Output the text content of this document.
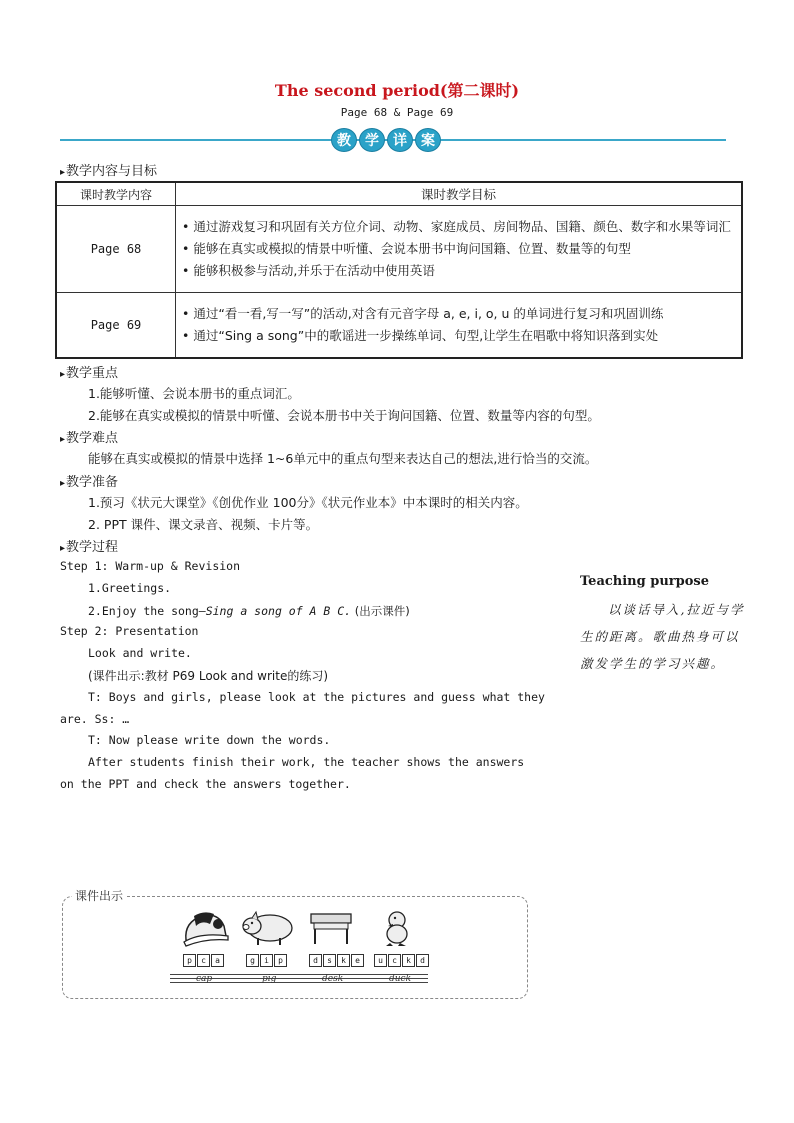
The second period(第二课时)
Page 68 & Page 69
教	学	详	案
▸ 教学内容与目标
课时教学内容	课时教学目标
Page 68	• 通过游戏复习和巩固有关方位介词、动物、家庭成员、房间物品、国籍、颜色、数字和水果等词汇
• 能够在真实或模拟的情景中听懂、会说本册书中询问国籍、位置、数量等的句型
• 能够积极参与活动,并乐于在活动中使用英语

Page 69	• 通过“看一看,写一写”的活动,对含有元音字母 a, e, i, o, u 的单词进行复习和巩固训练
• 通过“Sing a song”中的歌谣进一步操练单词、句型,让学生在唱歌中将知识落到实处
▸ 教学重点
1.能够听懂、会说本册书的重点词汇。
2.能够在真实或模拟的情景中听懂、会说本册书中关于询问国籍、位置、数量等内容的句型。
▸ 教学难点
能够在真实或模拟的情景中选择 1~6单元中的重点句型来表达自己的想法,进行恰当的交流。
▸ 教学准备
1.预习《状元大课堂》《创优作业 100分》《状元作业本》中本课时的相关内容。
2. PPT 课件、课文录音、视频、卡片等。
▸ 教学过程
Step 1: Warm-up & Revision
1.Greetings.
2.Enjoy the song—Sing a song of A B C. (出示课件)
Step 2: Presentation
Look and write.
(课件出示:教材 P69 Look and write的练习)
T: Boys and girls, please look at the pictures and guess what they
are. Ss: …
T: Now please write down the words.
After students finish their work, the teacher shows the answers
on the PPT and check the answers together.
Teaching purpose
以谈话导入,拉近与学生的距离。歌曲热身可以激发学生的学习兴趣。
课件出示
p	c	a	g	i	p	d	s	k	e	u	c	k	d
cap	pig	desk	duck
